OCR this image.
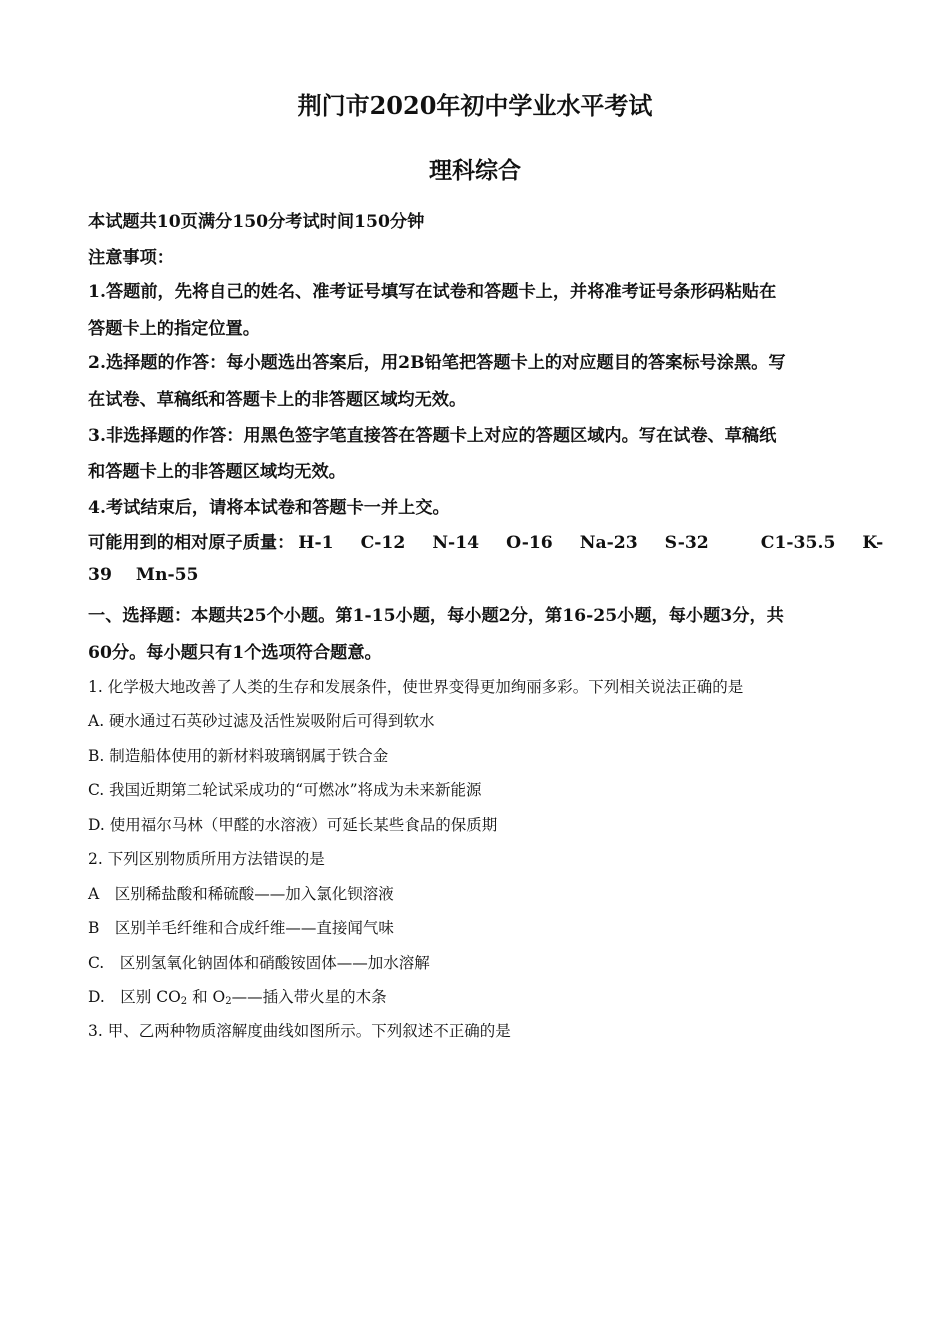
荆门市2020年初中学业水平考试
理科综合
本试题共10页满分150分考试时间150分钟
注意事项：
1.答题前，先将自己的姓名、准考证号填写在试卷和答题卡上，并将准考证号条形码粘贴在
答题卡上的指定位置。
2.选择题的作答：每小题选出答案后，用2B铅笔把答题卡上的对应题目的答案标号涂黑。写
在试卷、草稿纸和答题卡上的非答题区域均无效。
3.非选择题的作答：用黑色签字笔直接答在答题卡上对应的答题区域内。写在试卷、草稿纸
和答题卡上的非答题区域均无效。
4.考试结束后，请将本试卷和答题卡一并上交。
可能用到的相对原子质量： H-1 C-12 N-14 O-16 Na-23 S-32	C1-35.5 K-
39 Mn-55
一、选择题：本题共25个小题。第1-15小题，每小题2分，第16-25小题，每小题3分，共
60分。每小题只有1个选项符合题意。
1. 化学极大地改善了人类的生存和发展条件，使世界变得更加绚丽多彩。下列相关说法正确的是
A. 硬水通过石英砂过滤及活性炭吸附后可得到软水
B. 制造船体使用的新材料玻璃钢属于铁合金
C. 我国近期第二轮试采成功的“可燃冰”将成为未来新能源
D. 使用福尔马林（甲醛的水溶液）可延长某些食品的保质期
2. 下列区别物质所用方法错误的是
A　区别稀盐酸和稀硫酸——加入氯化钡溶液
B　区别羊毛纤维和合成纤维——直接闻气味
C.　区别氢氧化钠固体和硝酸铵固体——加水溶解
D.　区别 $CO_2$ 和 $O_2——$插入带火星的木条
3. 甲、乙两种物质溶解度曲线如图所示。下列叙述不正确的是
